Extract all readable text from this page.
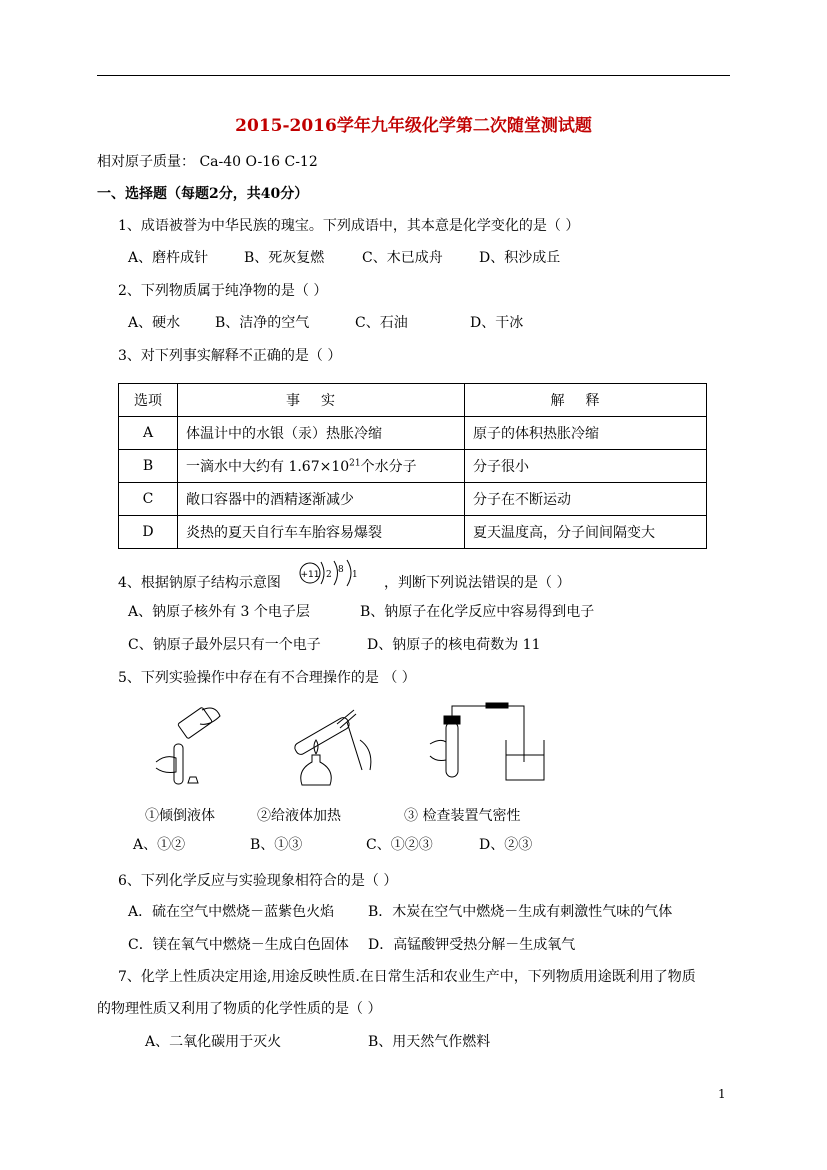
2015-2016学年九年级化学第二次随堂测试题
相对原子质量： Ca-40 O-16 C-12
一、选择题（每题2分，共40分）
1、成语被誉为中华民族的瑰宝。下列成语中，其本意是化学变化的是（ ）
A、磨杵成针	B、死灰复燃	C、木已成舟	D、积沙成丘
2、下列物质属于纯净物的是（ ）
A、硬水 B、洁净的空气	C、石油	D、干冰
3、对下列事实解释不正确的是（ ）
选项	事实	解释
A	体温计中的水银（汞）热胀冷缩	原子的体积热胀冷缩
B	一滴水中大约有 $1.67\times 10^{21}$个水分子	分子很小
C	敞口容器中的酒精逐渐减少	分子在不断运动
D	炎热的夏天自行车车胎容易爆裂	夏天温度高，分子间间隔变大
4、根据钠原子结构示意图 +11 2 8 1 ，判断下列说法错误的是（ ）
A、钠原子核外有 3 个电子层	B、钠原子在化学反应中容易得到电子
C、钠原子最外层只有一个电子	D、钠原子的核电荷数为 11
5、下列实验操作中存在有不合理操作的是 （ ）
①倾倒液体	②给液体加热	③ 检查装置气密性
A、①②	B、①③	C、①②③	D、②③
6、下列化学反应与实验现象相符合的是（ ）
A．硫在空气中燃烧－蓝紫色火焰 B．木炭在空气中燃烧－生成有刺激性气味的气体
C．镁在氧气中燃烧－生成白色固体 D．高锰酸钾受热分解－生成氧气
7、化学上性质决定用途,用途反映性质.在日常生活和农业生产中，下列物质用途既利用了物质
的物理性质又利用了物质的化学性质的是（ ）
A、二氧化碳用于灭火	B、用天然气作燃料
1
